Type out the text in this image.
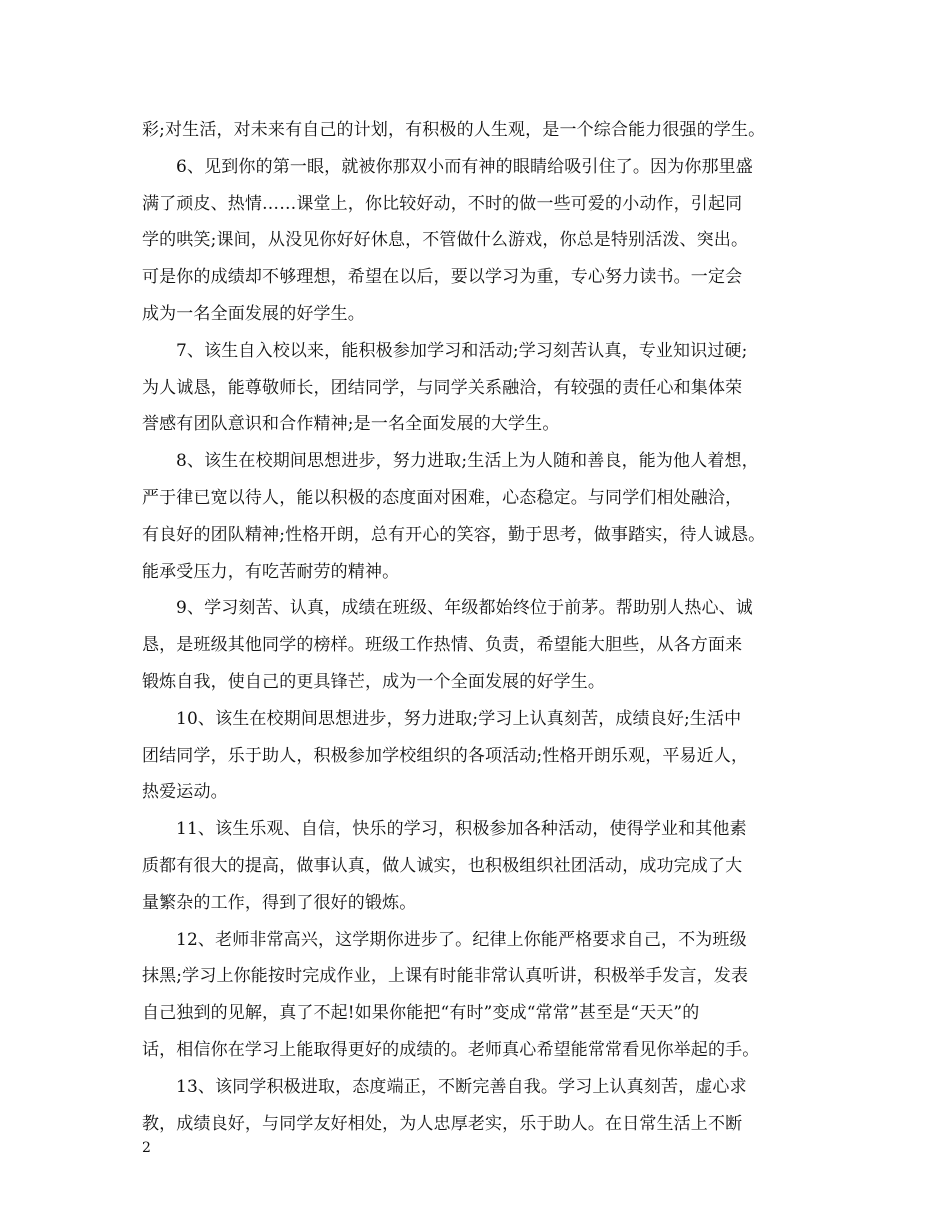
彩;对生活，对未来有自己的计划，有积极的人生观，是一个综合能力很强的学生。
6、见到你的第一眼，就被你那双小而有神的眼睛给吸引住了。因为你那里盛
满了顽皮、热情……课堂上，你比较好动，不时的做一些可爱的小动作，引起同
学的哄笑;课间，从没见你好好休息，不管做什么游戏，你总是特别活泼、突出。
可是你的成绩却不够理想，希望在以后，要以学习为重，专心努力读书。一定会
成为一名全面发展的好学生。
7、该生自入校以来，能积极参加学习和活动;学习刻苦认真，专业知识过硬;
为人诚恳，能尊敬师长，团结同学，与同学关系融洽，有较强的责任心和集体荣
誉感有团队意识和合作精神;是一名全面发展的大学生。
8、该生在校期间思想进步，努力进取;生活上为人随和善良，能为他人着想，
严于律已宽以待人，能以积极的态度面对困难，心态稳定。与同学们相处融洽，
有良好的团队精神;性格开朗，总有开心的笑容，勤于思考，做事踏实，待人诚恳。
能承受压力，有吃苦耐劳的精神。
9、学习刻苦、认真，成绩在班级、年级都始终位于前茅。帮助别人热心、诚
恳，是班级其他同学的榜样。班级工作热情、负责，希望能大胆些，从各方面来
锻炼自我，使自己的更具锋芒，成为一个全面发展的好学生。
10、该生在校期间思想进步，努力进取;学习上认真刻苦，成绩良好;生活中
团结同学，乐于助人，积极参加学校组织的各项活动;性格开朗乐观，平易近人，
热爱运动。
11、该生乐观、自信，快乐的学习，积极参加各种活动，使得学业和其他素
质都有很大的提高，做事认真，做人诚实，也积极组织社团活动，成功完成了大
量繁杂的工作，得到了很好的锻炼。
12、老师非常高兴，这学期你进步了。纪律上你能严格要求自己，不为班级
抹黑;学习上你能按时完成作业，上课有时能非常认真听讲，积极举手发言，发表
自己独到的见解，真了不起!如果你能把“有时”变成“常常”甚至是“天天”的
话，相信你在学习上能取得更好的成绩的。老师真心希望能常常看见你举起的手。
13、该同学积极进取，态度端正，不断完善自我。学习上认真刻苦，虚心求
教，成绩良好，与同学友好相处，为人忠厚老实，乐于助人。在日常生活上不断
2
